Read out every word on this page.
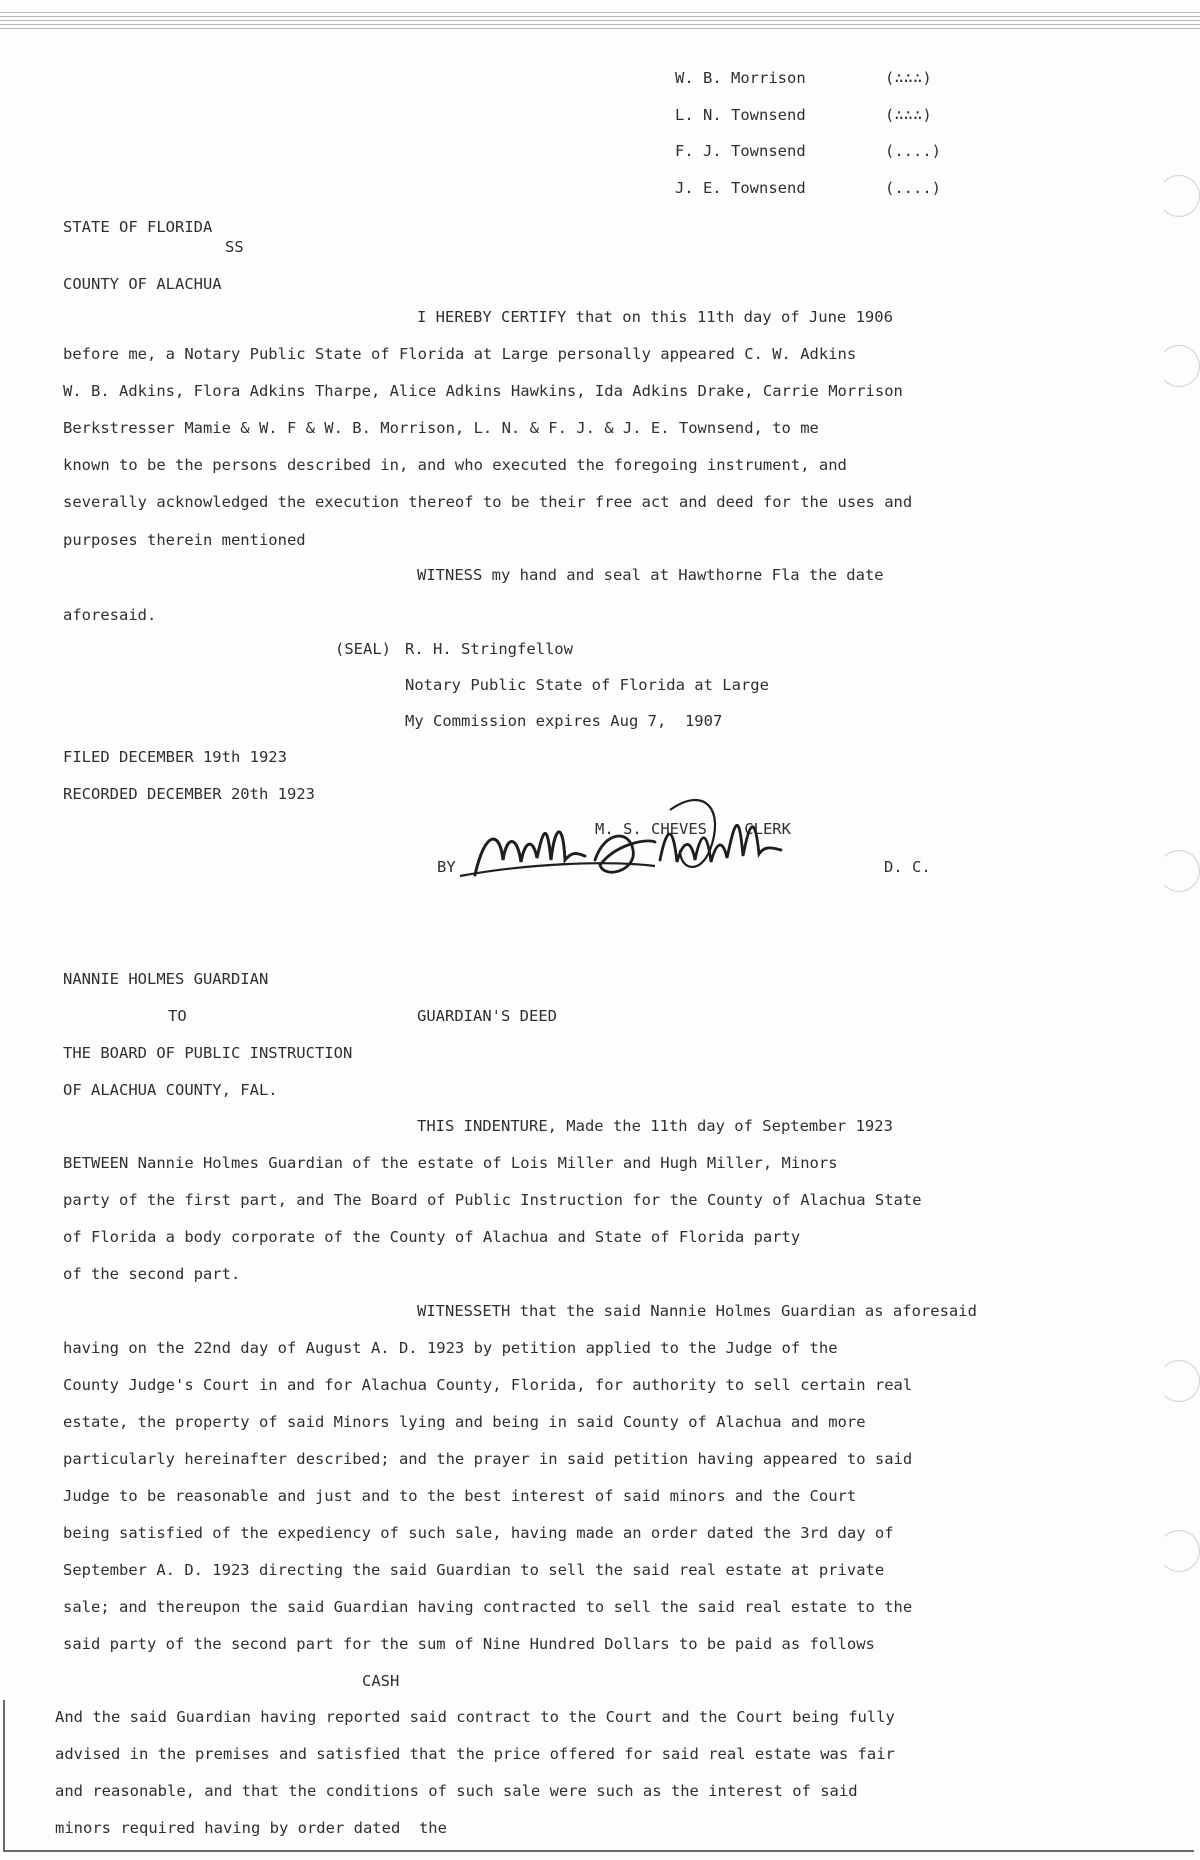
W. B. Morrison	(∴∴∴)
L. N. Townsend	(∴∴∴)
F. J. Townsend	(....)
J. E. Townsend	(....)
STATE OF FLORIDA
SS
COUNTY OF ALACHUA
I HEREBY CERTIFY that on this 11th day of June 1906
before me, a Notary Public State of Florida at Large personally appeared C. W. Adkins
W. B. Adkins, Flora Adkins Tharpe, Alice Adkins Hawkins, Ida Adkins Drake, Carrie Morrison
Berkstresser Mamie & W. F & W. B. Morrison, L. N. & F. J. & J. E. Townsend, to me
known to be the persons described in, and who executed the foregoing instrument, and
severally acknowledged the execution thereof to be their free act and deed for the uses and
purposes therein mentioned
WITNESS my hand and seal at Hawthorne Fla the date
aforesaid.
(SEAL) R. H. Stringfellow
Notary Public State of Florida at Large
My Commission expires Aug 7,  1907
FILED DECEMBER 19th 1923
RECORDED DECEMBER 20th 1923
M. S. CHEVES    CLERK
BY	D. C.
NANNIE HOLMES GUARDIAN
TO	GUARDIAN'S DEED
THE BOARD OF PUBLIC INSTRUCTION
OF ALACHUA COUNTY, FAL.
THIS INDENTURE, Made the 11th day of September 1923
BETWEEN Nannie Holmes Guardian of the estate of Lois Miller and Hugh Miller, Minors
party of the first part, and The Board of Public Instruction for the County of Alachua State
of Florida a body corporate of the County of Alachua and State of Florida party
of the second part.
WITNESSETH that the said Nannie Holmes Guardian as aforesaid
having on the 22nd day of August A. D. 1923 by petition applied to the Judge of the
County Judge's Court in and for Alachua County, Florida, for authority to sell certain real
estate, the property of said Minors lying and being in said County of Alachua and more
particularly hereinafter described; and the prayer in said petition having appeared to said
Judge to be reasonable and just and to the best interest of said minors and the Court
being satisfied of the expediency of such sale, having made an order dated the 3rd day of
September A. D. 1923 directing the said Guardian to sell the said real estate at private
sale; and thereupon the said Guardian having contracted to sell the said real estate to the
said party of the second part for the sum of Nine Hundred Dollars to be paid as follows
CASH
And the said Guardian having reported said contract to the Court and the Court being fully
advised in the premises and satisfied that the price offered for said real estate was fair
and reasonable, and that the conditions of such sale were such as the interest of said
minors required having by order dated  the
